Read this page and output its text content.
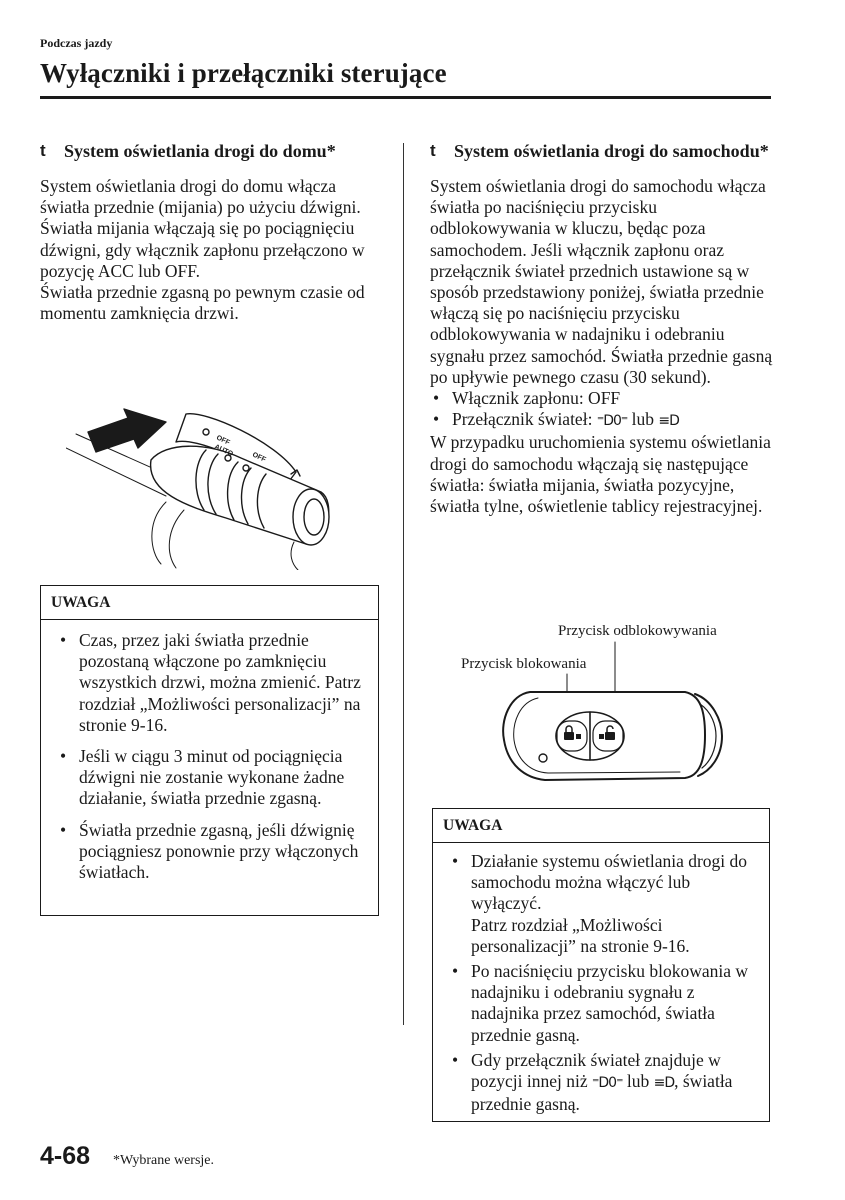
Podczas jazdy
Wyłączniki i przełączniki sterujące
t System oświetlania drogi do domu*

System oświetlania drogi do domu włącza światła przednie (mijania) po użyciu dźwigni.

Światła mijania włączają się po pociągnięciu dźwigni, gdy włącznik zapłonu przełączono w pozycję ACC lub OFF.

Światła przednie zgasną po pewnym czasie od momentu zamknięcia drzwi.

OFF
AUTO OFF
UWAGA
• Czas, przez jaki światła przednie pozostaną włączone po zamknięciu wszystkich drzwi, można zmienić. Patrz rozdział „Możliwości personalizacji” na stronie 9-16.
• Jeśli w ciągu 3 minut od pociągnięcia dźwigni nie zostanie wykonane żadne działanie, światła przednie zgasną.
• Światła przednie zgasną, jeśli dźwignię pociągniesz ponownie przy włączonych światłach.
t System oświetlania drogi do samochodu*

System oświetlania drogi do samochodu włącza światła po naciśnięciu przycisku odblokowywania w kluczu, będąc poza samochodem. Jeśli włącznik zapłonu oraz przełącznik świateł przednich ustawione są w sposób przedstawiony poniżej, światła przednie włączą się po naciśnięciu przycisku odblokowywania w nadajniku i odebraniu sygnału przez samochód. Światła przednie gasną po upływie pewnego czasu (30 sekund).

• Włącznik zapłonu: OFF
• Przełącznik świateł: ⁼D0⁼ lub ≡D

W przypadku uruchomienia systemu oświetlania drogi do samochodu włączają się następujące światła: światła mijania, światła pozycyjne, światła tylne, oświetlenie tablicy rejestracyjnej.

Przycisk odblokowywania
Przycisk blokowania
UWAGA
• Działanie systemu oświetlania drogi do samochodu można włączyć lub wyłączyć.
Patrz rozdział „Możliwości personalizacji” na stronie 9-16.
• Po naciśnięciu przycisku blokowania w nadajniku i odebraniu sygnału z nadajnika przez samochód, światła przednie gasną.
• Gdy przełącznik świateł znajduje w pozycji innej niż ⁼D0⁼ lub ≡D, światła przednie gasną.
4-68 *Wybrane wersje.
